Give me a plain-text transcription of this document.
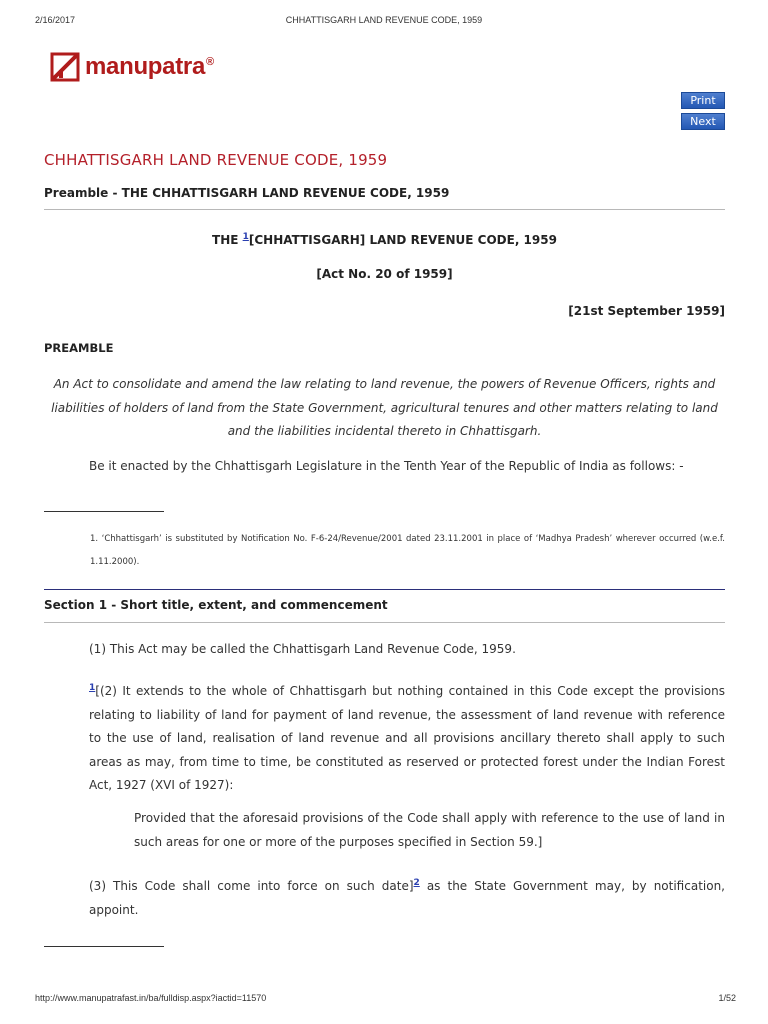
2/16/2017	CHHATTISGARH LAND REVENUE CODE, 1959
manupatra®
Print
Next
CHHATTISGARH LAND REVENUE CODE, 1959
Preamble - THE CHHATTISGARH LAND REVENUE CODE, 1959
THE $^1$[CHHATTISGARH] LAND REVENUE CODE, 1959
[Act No. 20 of 1959]
[21st September 1959]
PREAMBLE
An Act to consolidate and amend the law relating to land revenue, the powers of Revenue Officers, rights and liabilities of holders of land from the State Government, agricultural tenures and other matters relating to land and the liabilities incidental thereto in Chhattisgarh.
Be it enacted by the Chhattisgarh Legislature in the Tenth Year of the Republic of India as follows: -
1. ‘Chhattisgarh’ is substituted by Notification No. F-6-24/Revenue/2001 dated 23.11.2001 in place of ‘Madhya Pradesh’ wherever occurred (w.e.f. 1.11.2000).
Section 1 - Short title, extent, and commencement
(1) This Act may be called the Chhattisgarh Land Revenue Code, 1959.
$^1$[(2) It extends to the whole of Chhattisgarh but nothing contained in this Code except the provisions relating to liability of land for payment of land revenue, the assessment of land revenue with reference to the use of land, realisation of land revenue and all provisions ancillary thereto shall apply to such areas as may, from time to time, be constituted as reserved or protected forest under the Indian Forest Act, 1927 (XVI of 1927):
Provided that the aforesaid provisions of the Code shall apply with reference to the use of land in such areas for one or more of the purposes specified in Section 59.]
(3) This Code shall come into force on such date]$^2$ as the State Government may, by notification, appoint.
http://www.manupatrafast.in/ba/fulldisp.aspx?iactid=11570	1/52
